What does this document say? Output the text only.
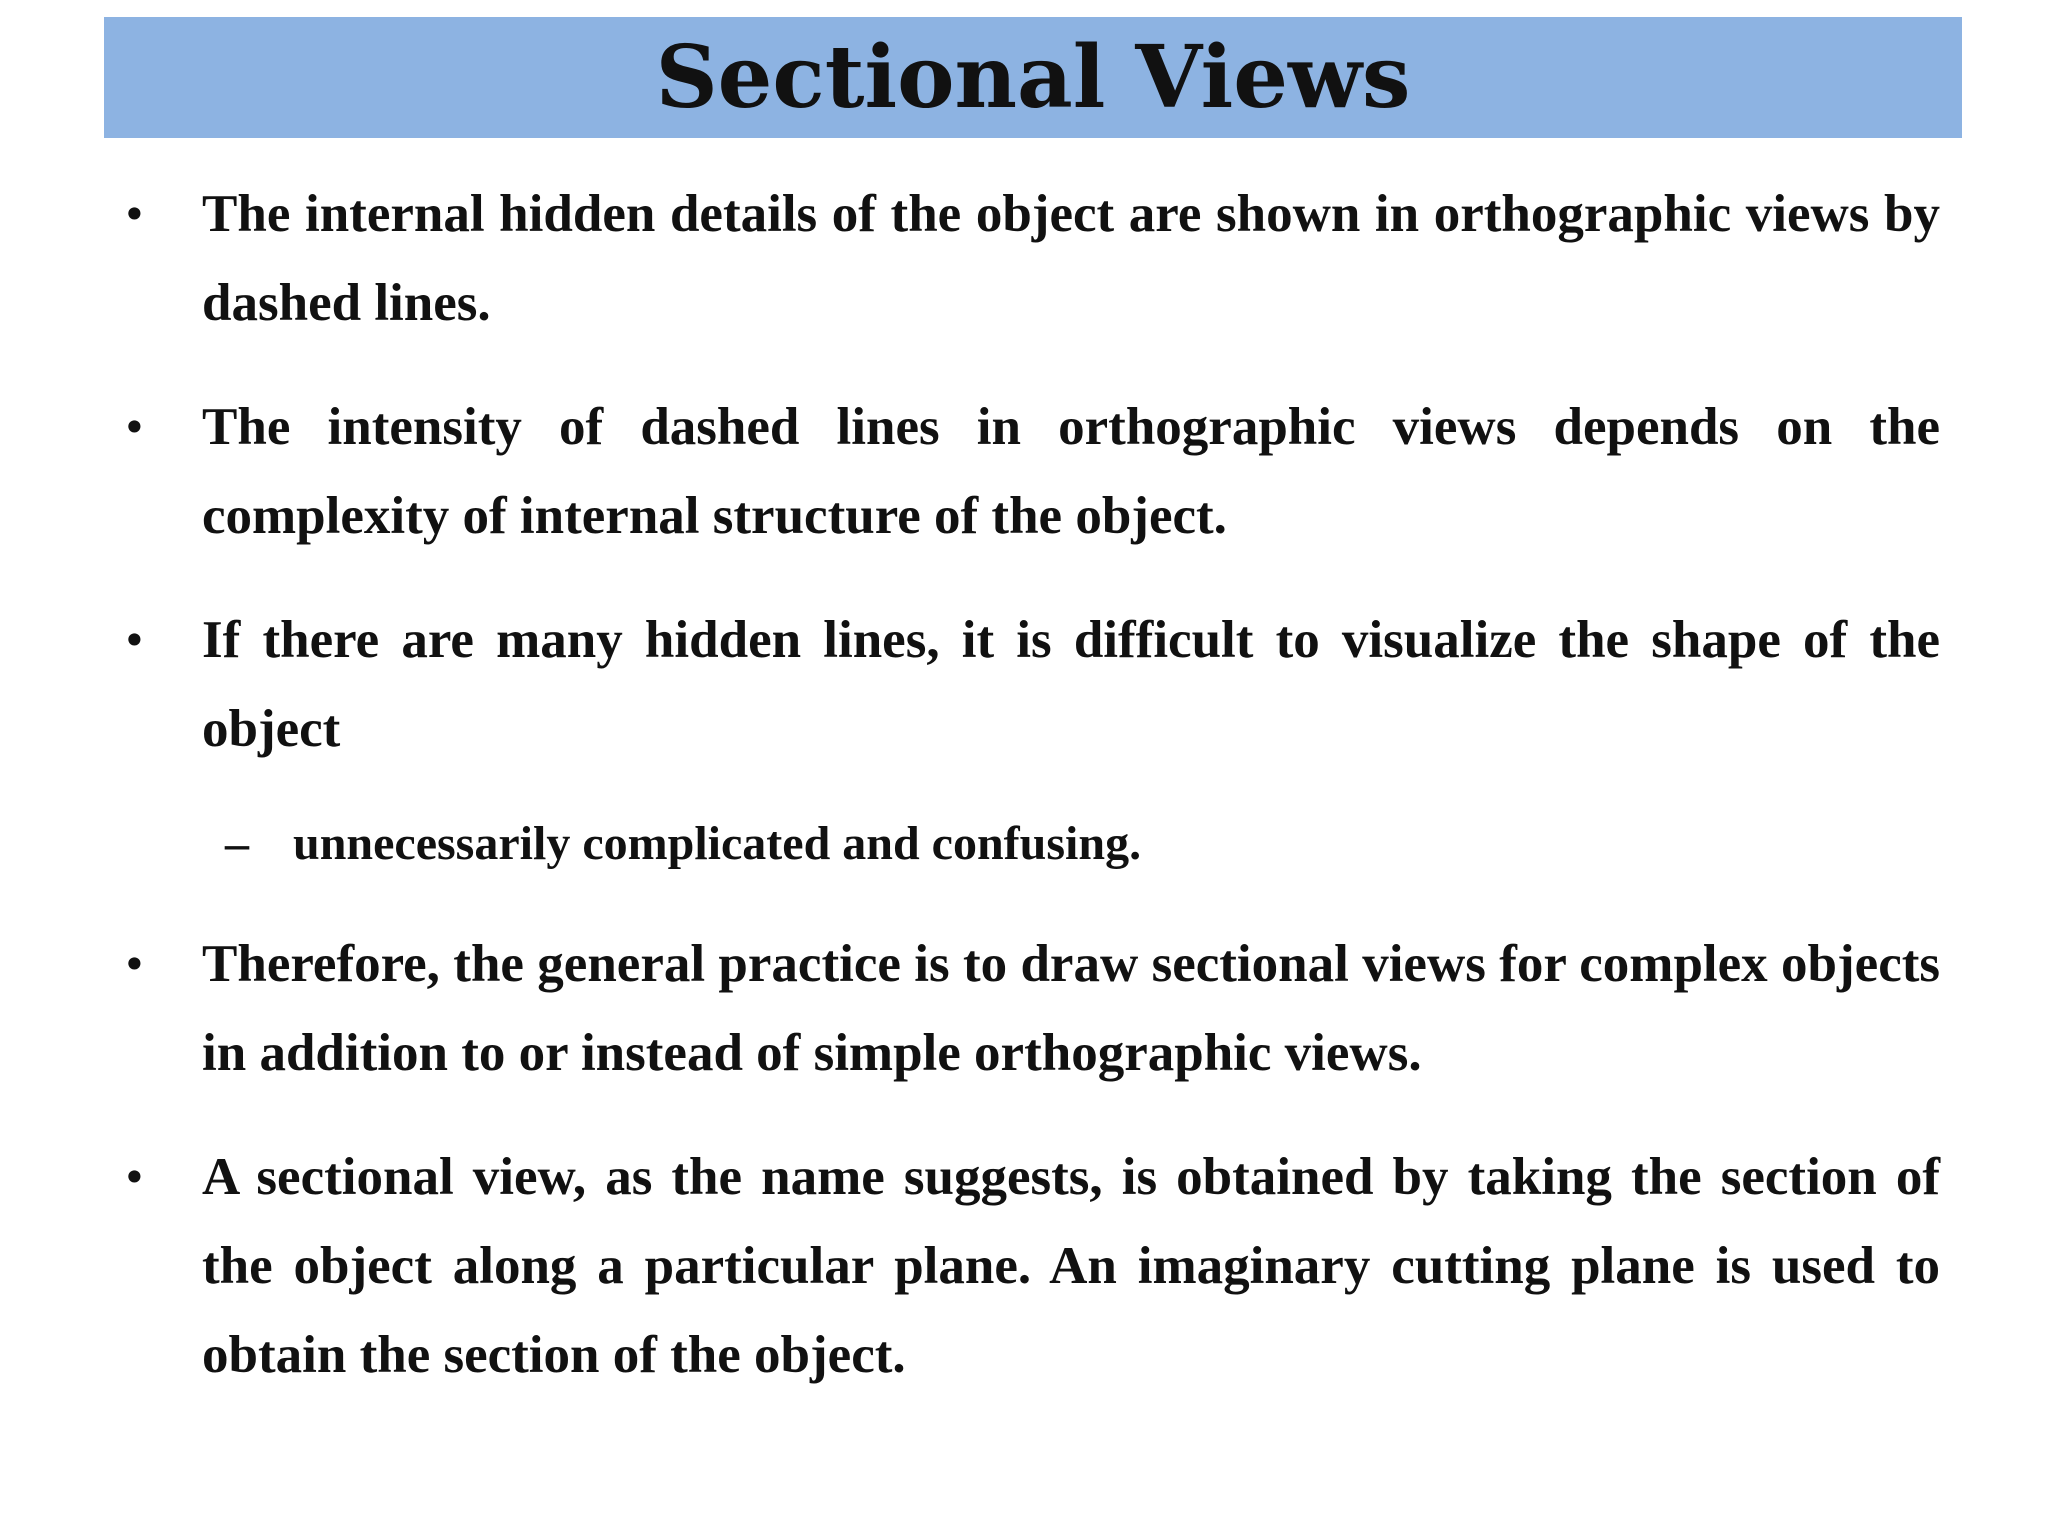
Sectional Views
• The internal hidden details of the object are shown in orthographic views by dashed lines.
• The intensity of dashed lines in orthographic views depends on the complexity of internal structure of the object.
• If there are many hidden lines, it is difficult to visualize the shape of the object
– unnecessarily complicated and confusing.
• Therefore, the general practice is to draw sectional views for complex objects in addition to or instead of simple orthographic views.
• A sectional view, as the name suggests, is obtained by taking the section of the object along a particular plane. An imaginary cutting plane is used to obtain the section of the object.
